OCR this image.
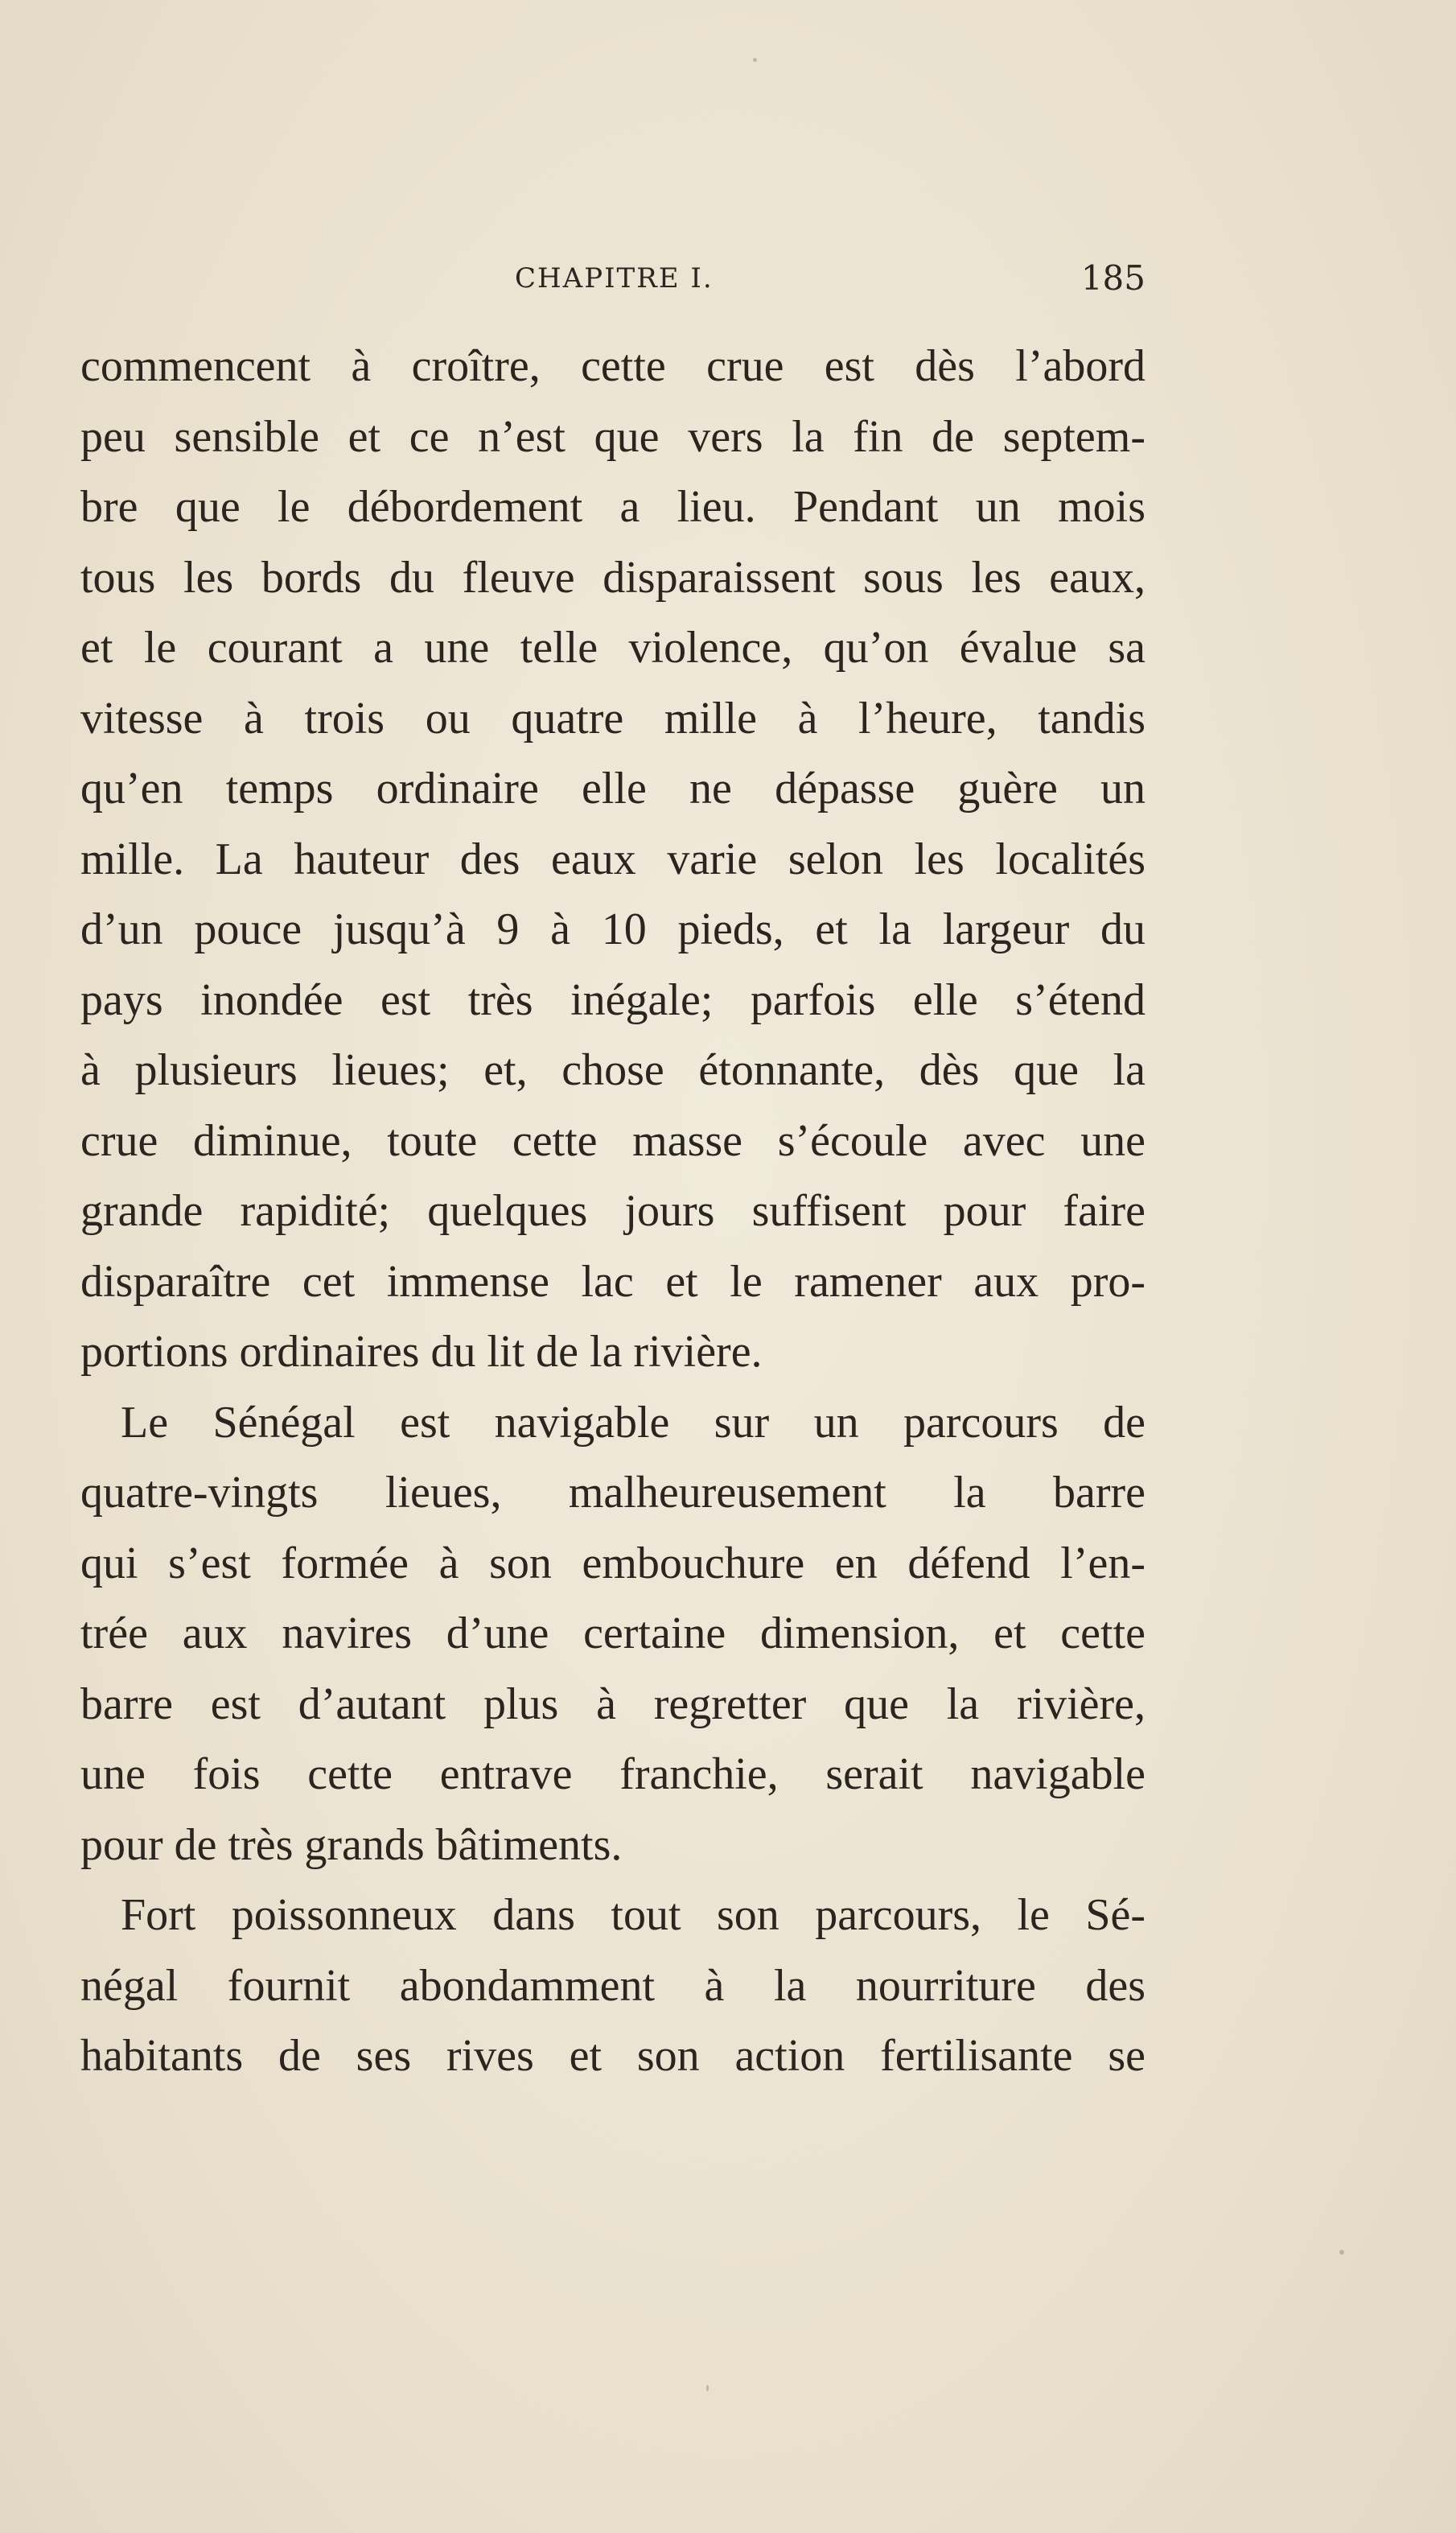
CHAPITRE I.	185

commencent à croître, cette crue est dès l’abord
peu sensible et ce n’est que vers la fin de septem-
bre que le débordement a lieu. Pendant un mois
tous les bords du fleuve disparaissent sous les eaux,
et le courant a une telle violence, qu’on évalue sa
vitesse à trois ou quatre mille à l’heure, tandis
qu’en temps ordinaire elle ne dépasse guère un
mille. La hauteur des eaux varie selon les localités
d’un pouce jusqu’à 9 à 10 pieds, et la largeur du
pays inondée est très inégale; parfois elle s’étend
à plusieurs lieues; et, chose étonnante, dès que la
crue diminue, toute cette masse s’écoule avec une
grande rapidité; quelques jours suffisent pour faire
disparaître cet immense lac et le ramener aux pro-
portions ordinaires du lit de la rivière.

Le Sénégal est navigable sur un parcours de
quatre-vingts lieues, malheureusement la barre
qui s’est formée à son embouchure en défend l’en-
trée aux navires d’une certaine dimension, et cette
barre est d’autant plus à regretter que la rivière,
une fois cette entrave franchie, serait navigable
pour de très grands bâtiments.

Fort poissonneux dans tout son parcours, le Sé-
négal fournit abondamment à la nourriture des
habitants de ses rives et son action fertilisante se
